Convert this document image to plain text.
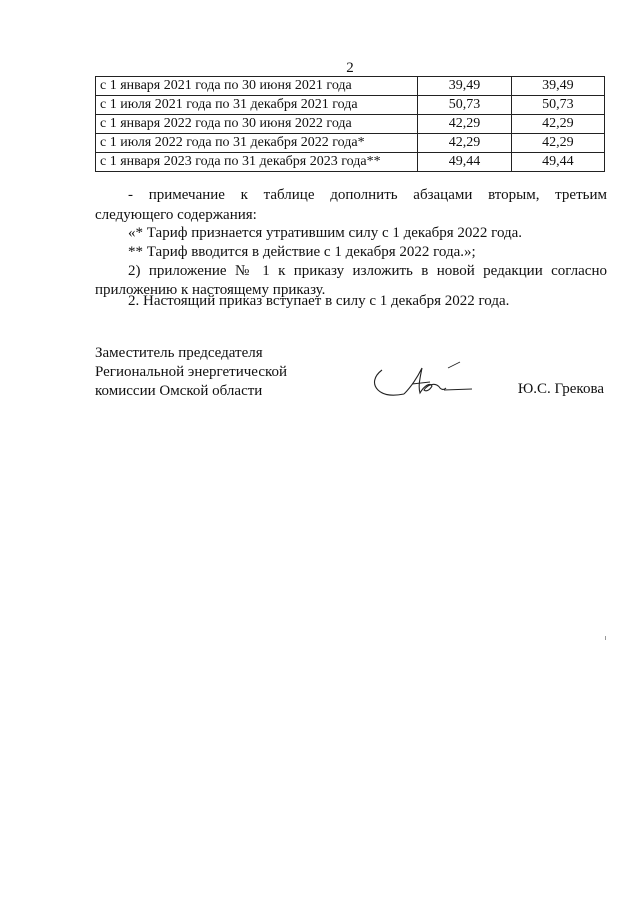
2
с 1 января 2021 года по 30 июня 2021 года	39,49	39,49
с 1 июля 2021 года по 31 декабря 2021 года	50,73	50,73
с 1 января 2022 года по 30 июня 2022 года	42,29	42,29
с 1 июля 2022 года по 31 декабря 2022 года*	42,29	42,29
с 1 января 2023 года по 31 декабря 2023 года**	49,44	49,44

- примечание к таблице дополнить абзацами вторым, третьим

следующего содержания:

«* Тариф признается утратившим силу с 1 декабря 2022 года.

** Тариф вводится в действие с 1 декабря 2022 года.»;

2) приложение № 1 к приказу изложить в новой редакции согласно

приложению к настоящему приказу.

2. Настоящий приказ вступает в силу с 1 декабря 2022 года.

Заместитель председателя
Региональной энергетической
комиссии Омской области	Ю.С. Грекова
